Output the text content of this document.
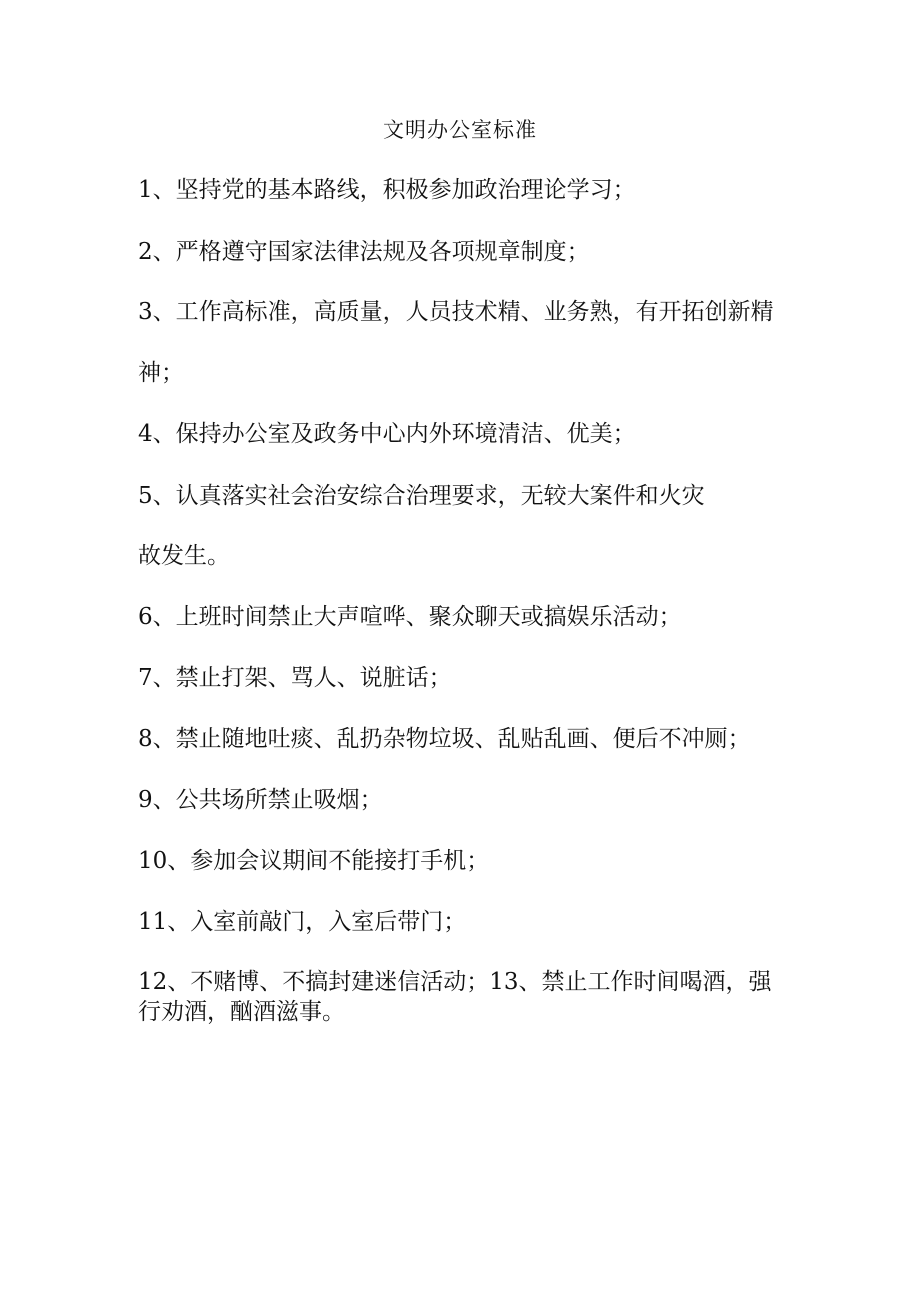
文明办公室标准
1、坚持党的基本路线，积极参加政治理论学习；
2、严格遵守国家法律法规及各项规章制度；
3、工作高标准，高质量，人员技术精、业务熟，有开拓创新精
神；
4、保持办公室及政务中心内外环境清洁、优美；
5、认真落实社会治安综合治理要求，无较大案件和火灾
故发生。
6、上班时间禁止大声喧哗、聚众聊天或搞娱乐活动；
7、禁止打架、骂人、说脏话；
8、禁止随地吐痰、乱扔杂物垃圾、乱贴乱画、便后不冲厕；
9、公共场所禁止吸烟；
10、参加会议期间不能接打手机；
11、入室前敲门，入室后带门；
12、不赌博、不搞封建迷信活动；13、禁止工作时间喝酒，强
行劝酒，酗酒滋事。
